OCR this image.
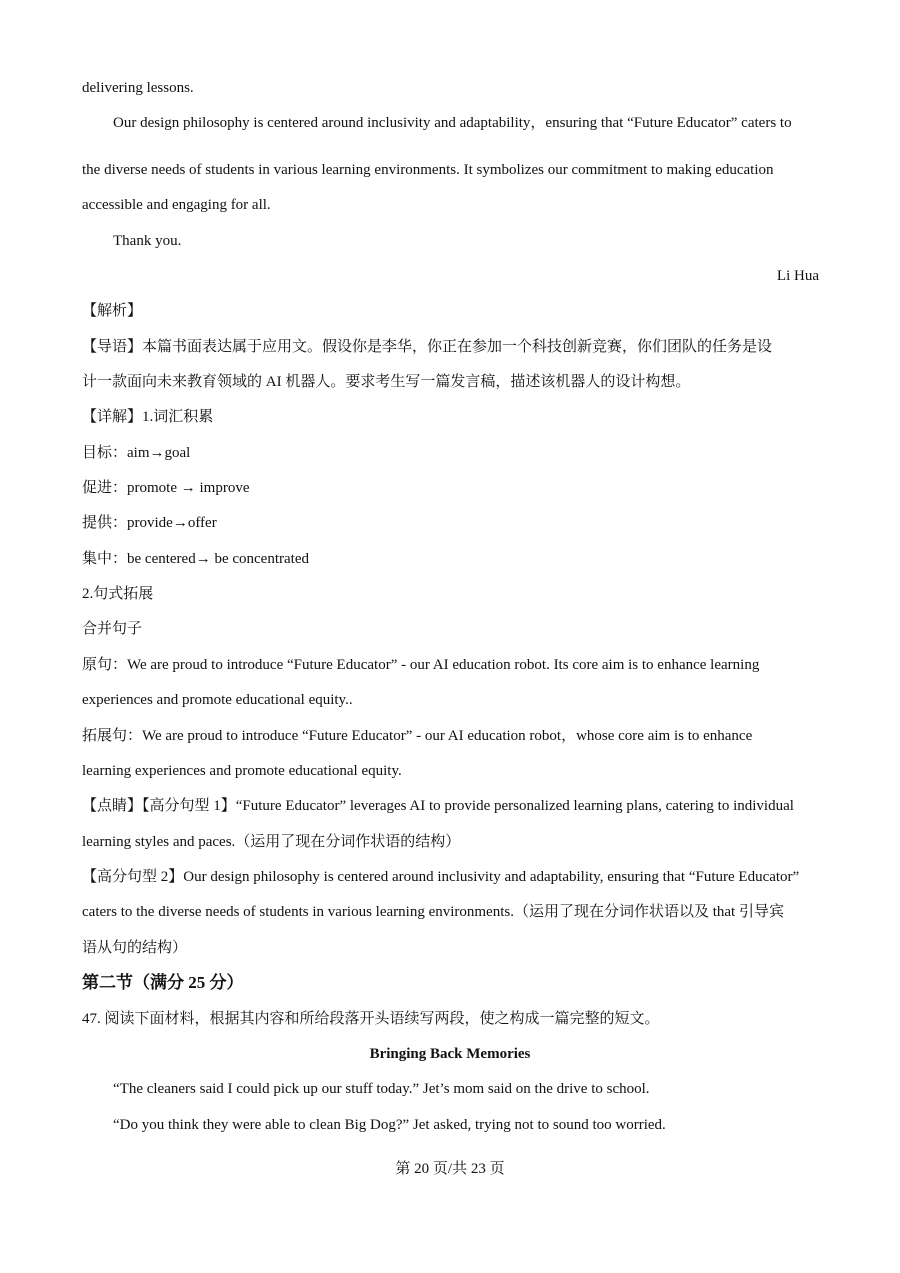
delivering lessons.
Our design philosophy is centered around inclusivity and adaptability，ensuring that “Future Educator” caters to
the diverse needs of students in various learning environments. It symbolizes our commitment to making education
accessible and engaging for all.
Thank you.
Li Hua
【解析】
【导语】本篇书面表达属于应用文。假设你是李华，你正在参加一个科技创新竞赛，你们团队的任务是设
计一款面向未来教育领域的 AI 机器人。要求考生写一篇发言稿，描述该机器人的设计构想。
【详解】1.词汇积累
目标：aim→goal
促进：promote → improve
提供：provide→offer
集中：be centered→ be concentrated
2.句式拓展
合并句子
原句：We are proud to introduce “Future Educator” - our AI education robot. Its core aim is to enhance learning
experiences and promote educational equity..
拓展句：We are proud to introduce “Future Educator” - our AI education robot，whose core aim is to enhance
learning experiences and promote educational equity.
【点睛】【高分句型 1】“Future Educator” leverages AI to provide personalized learning plans, catering to individual
learning styles and paces.（运用了现在分词作状语的结构）
【高分句型 2】Our design philosophy is centered around inclusivity and adaptability, ensuring that “Future Educator”
caters to the diverse needs of students in various learning environments.（运用了现在分词作状语以及 that 引导宾
语从句的结构）
第二节（满分 25 分）
47. 阅读下面材料，根据其内容和所给段落开头语续写两段，使之构成一篇完整的短文。
Bringing Back Memories
“The cleaners said I could pick up our stuff today.” Jet’s mom said on the drive to school.
“Do you think they were able to clean Big Dog?” Jet asked, trying not to sound too worried.
第 20 页/共 23 页
